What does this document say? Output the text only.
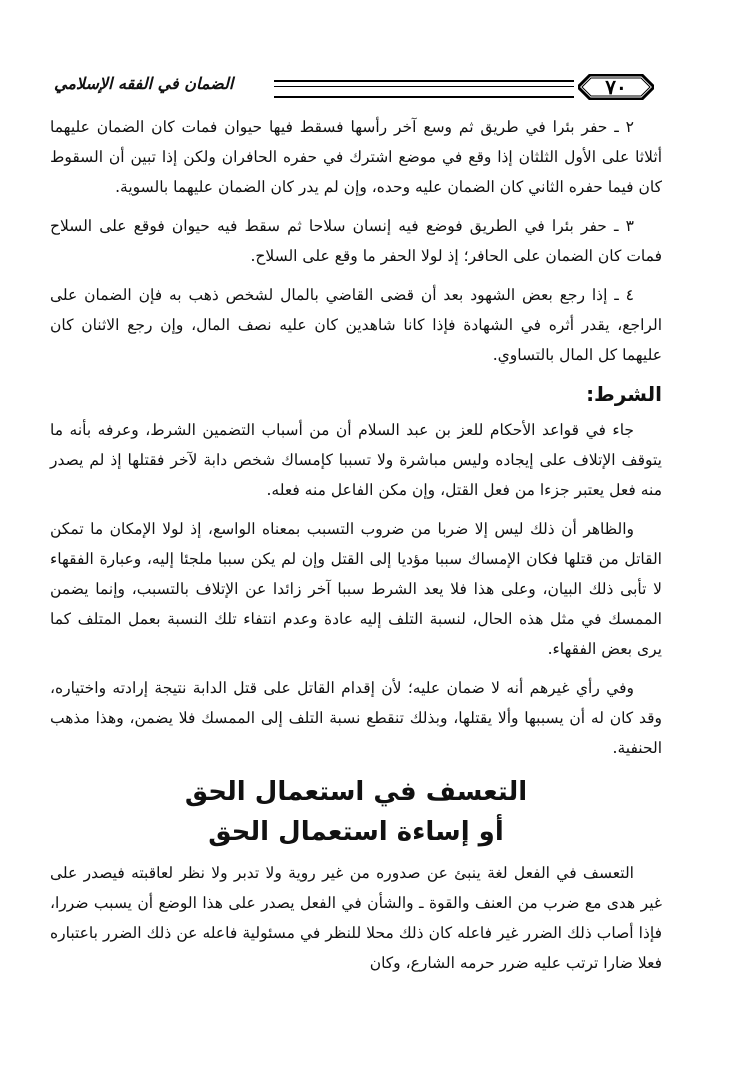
٧٠
الضمان في الفقه الإسلامي

٢ ـ حفر بئرا في طريق ثم وسع آخر رأسها فسقط فيها حيوان فمات كان الضمان عليهما أثلاثا على الأول الثلثان إذا وقع في موضع اشترك في حفره الحافران ولكن إذا تبين أن السقوط كان فيما حفره الثاني كان الضمان عليه وحده، وإن لم يدر كان الضمان عليهما بالسوية.

٣ ـ حفر بئرا في الطريق فوضع فيه إنسان سلاحا ثم سقط فيه حيوان فوقع على السلاح فمات كان الضمان على الحافر؛ إذ لولا الحفر ما وقع على السلاح.

٤ ـ إذا رجع بعض الشهود بعد أن قضى القاضي بالمال لشخص ذهب به فإن الضمان على الراجع، يقدر أثره في الشهادة فإذا كانا شاهدين كان عليه نصف المال، وإن رجع الاثنان كان عليهما كل المال بالتساوي.

الشرط:

جاء في قواعد الأحكام للعز بن عبد السلام أن من أسباب التضمين الشرط، وعرفه بأنه ما يتوقف الإتلاف على إيجاده وليس مباشرة ولا تسببا كإمساك شخص دابة لآخر فقتلها إذ لم يصدر منه فعل يعتبر جزءا من فعل القتل، وإن مكن الفاعل منه فعله.

والظاهر أن ذلك ليس إلا ضربا من ضروب التسبب بمعناه الواسع، إذ لولا الإمكان ما تمكن القاتل من قتلها فكان الإمساك سببا مؤديا إلى القتل وإن لم يكن سببا ملجئا إليه، وعبارة الفقهاء لا تأبى ذلك البيان، وعلى هذا فلا يعد الشرط سببا آخر زائدا عن الإتلاف بالتسبب، وإنما يضمن الممسك في مثل هذه الحال، لنسبة التلف إليه عادة وعدم انتفاء تلك النسبة بعمل المتلف كما يرى بعض الفقهاء.

وفي رأي غيرهم أنه لا ضمان عليه؛ لأن إقدام القاتل على قتل الدابة نتيجة إرادته واختياره، وقد كان له أن يسببها وألا يقتلها، وبذلك تنقطع نسبة التلف إلى الممسك فلا يضمن، وهذا مذهب الحنفية.

التعسف في استعمال الحق
أو إساءة استعمال الحق

التعسف في الفعل لغة ينبئ عن صدوره من غير روية ولا تدبر ولا نظر لعاقبته فيصدر على غير هدى مع ضرب من العنف والقوة ـ والشأن في الفعل يصدر على هذا الوضع أن يسبب ضررا، فإذا أصاب ذلك الضرر غير فاعله كان ذلك محلا للنظر في مسئولية فاعله عن ذلك الضرر باعتباره فعلا ضارا ترتب عليه ضرر حرمه الشارع، وكان
